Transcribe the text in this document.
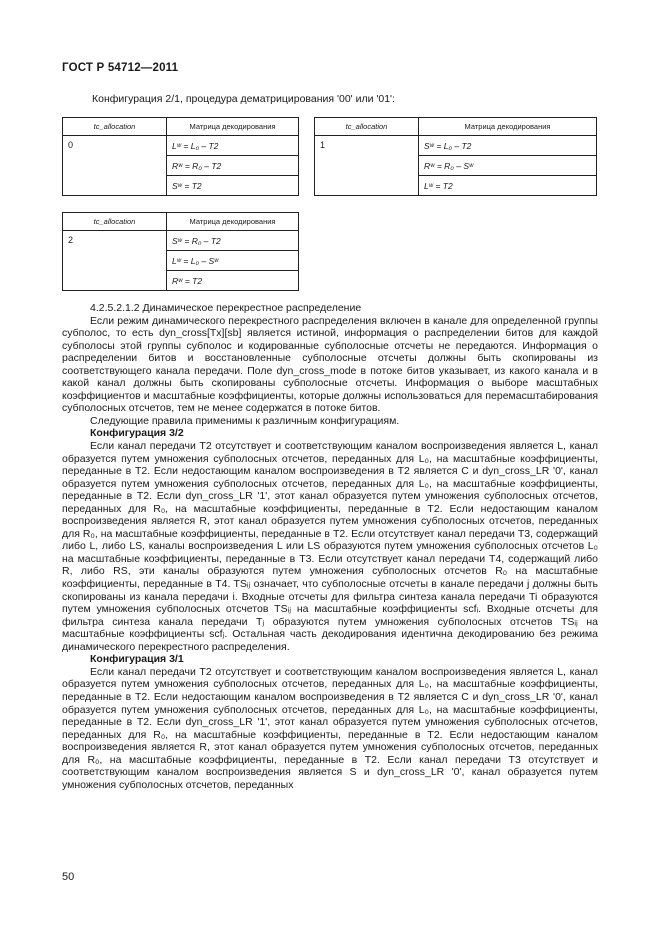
ГОСТ Р 54712—2011
Конфигурация 2/1, процедура дематрицирования '00' или '01':
tc_allocation	Матрица декодирования
0	Lʷ = L₀ – T2
	Rʷ = R₀ – T2
	Sʷ = T2
tc_allocation	Матрица декодирования
1	Sʷ = L₀ – T2
	Rʷ = R₀ – Sʷ
	Lʷ = T2
tc_allocation	Матрица декодирования
2	Sʷ = R₀ – T2
	Lʷ = L₀ – Sʷ
	Rʷ = T2

4.2.5.2.1.2 Динамическое перекрестное распределение

Если режим динамического перекрестного распределения включен в канале для определенной группы субполос, то есть dyn_cross[Tx][sb] является истиной, информация о распределении битов для каждой субполосы этой группы субполос и кодированные субполосные отсчеты не передаются. Информация о распределении битов и восстановленные субполосные отсчеты должны быть скопированы из соответствующего канала передачи. Поле dyn_cross_mode в потоке битов указывает, из какого канала и в какой канал должны быть скопированы субполосные отсчеты. Информация о выборе масштабных коэффициентов и масштабные коэффициенты, которые должны использоваться для перемасштабирования субполосных отсчетов, тем не менее содержатся в потоке битов.

Следующие правила применимы к различным конфигурациям.

Конфигурация 3/2

Если канал передачи T2 отсутствует и соответствующим каналом воспроизведения является L, канал образуется путем умножения субполосных отсчетов, переданных для L₀, на масштабные коэффициенты, переданные в T2. Если недостающим каналом воспроизведения в T2 является C и dyn_cross_LR '0', канал образуется путем умножения субполосных отсчетов, переданных для L₀, на масштабные коэффициенты, переданные в T2. Если dyn_cross_LR '1', этот канал образуется путем умножения субполосных отсчетов, переданных для R₀, на масштабные коэффициенты, переданные в T2. Если недостающим каналом воспроизведения является R, этот канал образуется путем умножения субполосных отсчетов, переданных для R₀, на масштабные коэффициенты, переданные в T2. Если отсутствует канал передачи T3, содержащий либо L, либо LS, каналы воспроизведения L или LS образуются путем умножения субполосных отсчетов L₀ на масштабные коэффициенты, переданные в T3. Если отсутствует канал передачи T4, содержащий либо R, либо RS, эти каналы образуются путем умножения субполосных отсчетов R₀ на масштабные коэффициенты, переданные в T4. TSᵢⱼ означает, что субполосные отсчеты в канале передачи j должны быть скопированы из канала передачи i. Входные отсчеты для фильтра синтеза канала передачи Ti образуются путем умножения субполосных отсчетов TSᵢⱼ на масштабные коэффициенты scfᵢ. Входные отсчеты для фильтра синтеза канала передачи Tⱼ образуются путем умножения субполосных отсчетов TSᵢⱼ на масштабные коэффициенты scfⱼ. Остальная часть декодирования идентична декодированию без режима динамического перекрестного распределения.

Конфигурация 3/1

Если канал передачи T2 отсутствует и соответствующим каналом воспроизведения является L, канал образуется путем умножения субполосных отсчетов, переданных для L₀, на масштабные коэффициенты, переданные в T2. Если недостающим каналом воспроизведения в T2 является C и dyn_cross_LR '0', канал образуется путем умножения субполосных отсчетов, переданных для L₀, на масштабные коэффициенты, переданные в T2. Если dyn_cross_LR '1', этот канал образуется путем умножения субполосных отсчетов, переданных для R₀, на масштабные коэффициенты, переданные в T2. Если недостающим каналом воспроизведения является R, этот канал образуется путем умножения субполосных отсчетов, переданных для R₀, на масштабные коэффициенты, переданные в T2. Если канал передачи T3 отсутствует и соответствующим каналом воспроизведения является S и dyn_cross_LR '0', канал образуется путем умножения субполосных отсчетов, переданных

50
